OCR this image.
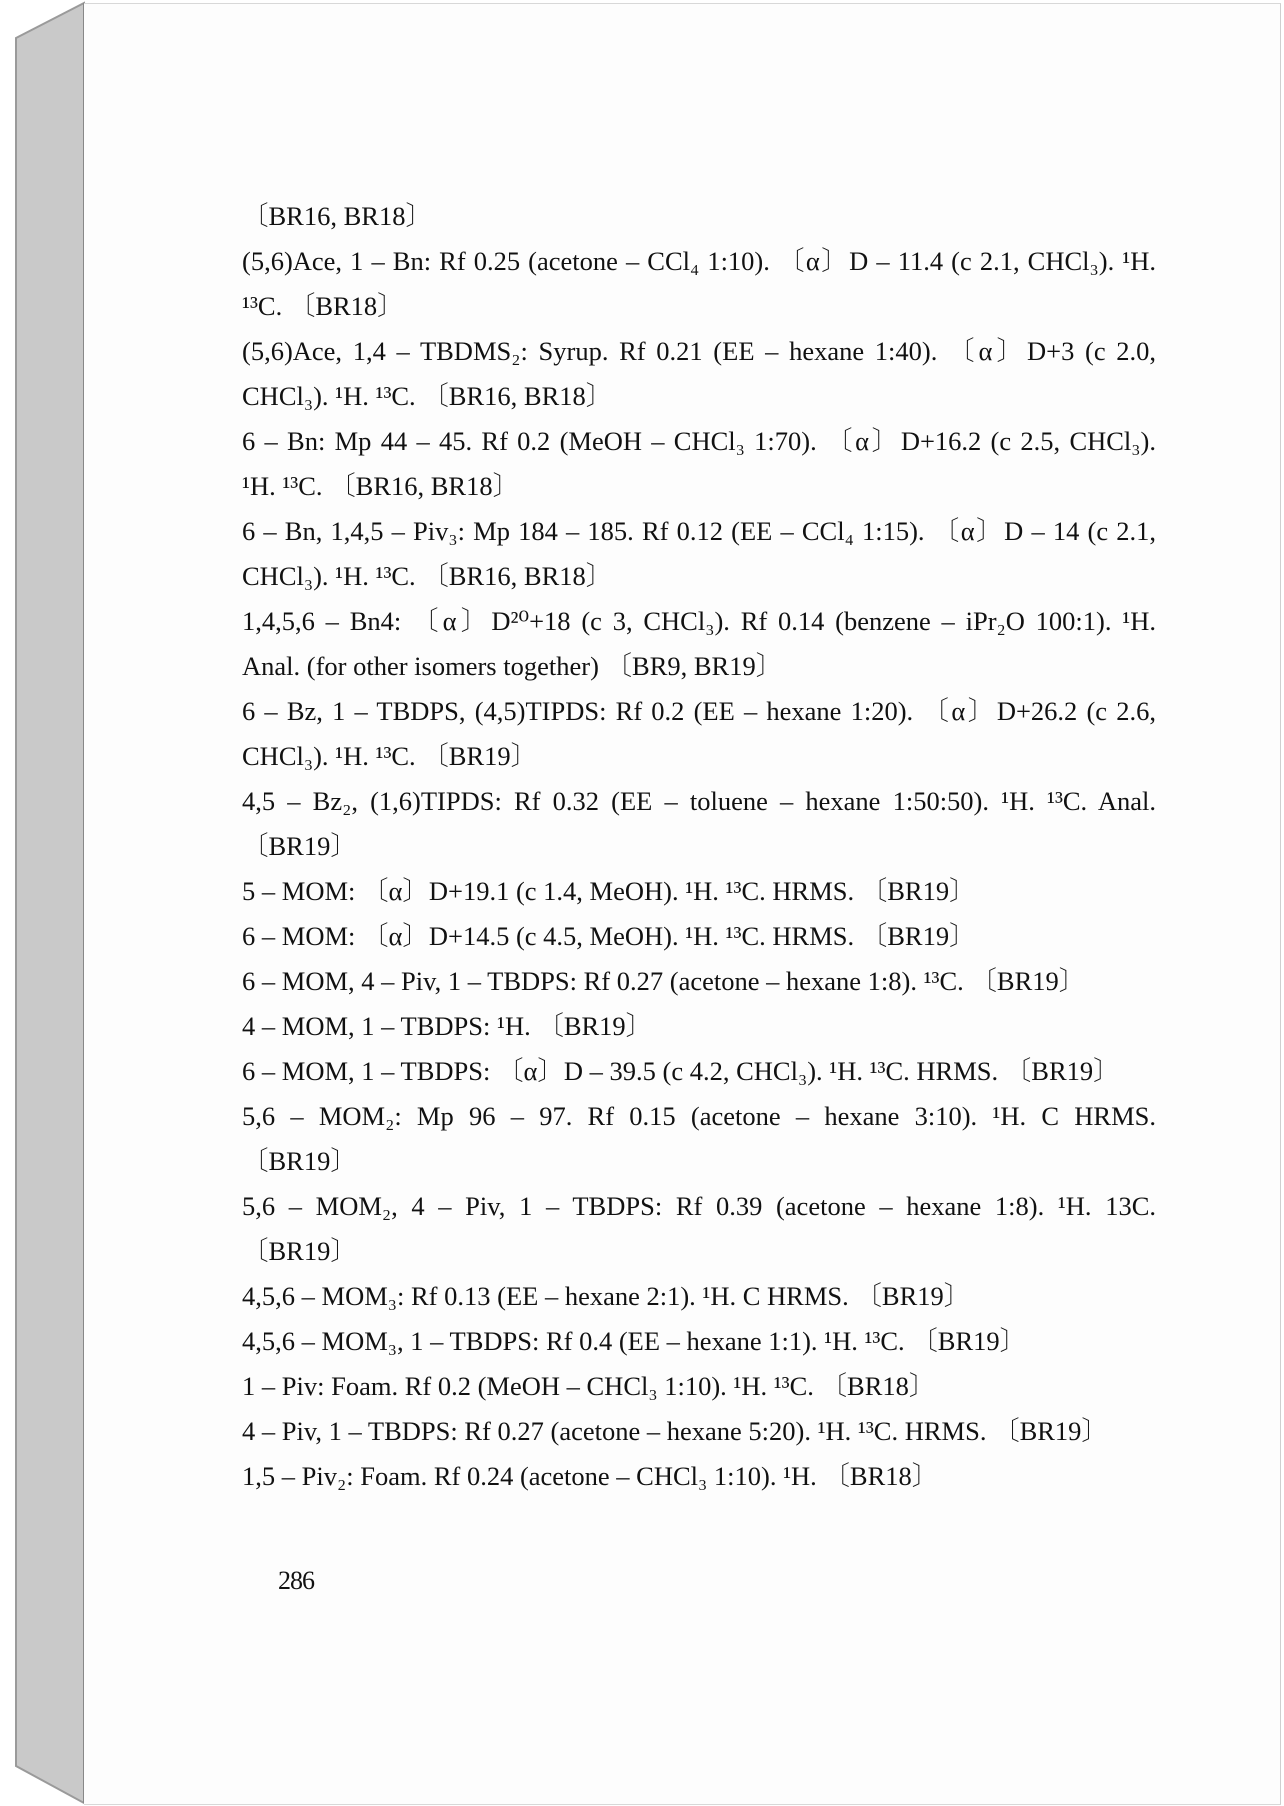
〔BR16, BR18〕
(5,6)Ace, 1 – Bn: Rf 0.25 (acetone – CCl₄ 1:10). 〔α〕D – 11.4 (c 2.1, CHCl₃). ¹H.
¹³C. 〔BR18〕
(5,6)Ace, 1,4 – TBDMS₂: Syrup. Rf 0.21 (EE – hexane 1:40). 〔α〕D+3 (c 2.0,
CHCl₃). ¹H. ¹³C. 〔BR16, BR18〕
6 – Bn: Mp 44 – 45. Rf 0.2 (MeOH – CHCl₃ 1:70). 〔α〕D+16.2 (c 2.5, CHCl₃).
¹H. ¹³C. 〔BR16, BR18〕
6 – Bn, 1,4,5 – Piv₃: Mp 184 – 185. Rf 0.12 (EE – CCl₄ 1:15). 〔α〕D – 14 (c 2.1,
CHCl₃). ¹H. ¹³C. 〔BR16, BR18〕
1,4,5,6 – Bn4: 〔α〕D²⁰+18 (c 3, CHCl₃). Rf 0.14 (benzene – iPr₂O 100:1). ¹H.
Anal. (for other isomers together) 〔BR9, BR19〕
6 – Bz, 1 – TBDPS, (4,5)TIPDS: Rf 0.2 (EE – hexane 1:20). 〔α〕D+26.2 (c 2.6,
CHCl₃). ¹H. ¹³C. 〔BR19〕
4,5 – Bz₂, (1,6)TIPDS: Rf 0.32 (EE – toluene – hexane 1:50:50). ¹H. ¹³C. Anal.
〔BR19〕
5 – MOM: 〔α〕D+19.1 (c 1.4, MeOH). ¹H. ¹³C. HRMS. 〔BR19〕
6 – MOM: 〔α〕D+14.5 (c 4.5, MeOH). ¹H. ¹³C. HRMS. 〔BR19〕
6 – MOM, 4 – Piv, 1 – TBDPS: Rf 0.27 (acetone – hexane 1:8). ¹³C. 〔BR19〕
4 – MOM, 1 – TBDPS: ¹H. 〔BR19〕
6 – MOM, 1 – TBDPS: 〔α〕D – 39.5 (c 4.2, CHCl₃). ¹H. ¹³C. HRMS. 〔BR19〕
5,6 – MOM₂: Mp 96 – 97. Rf 0.15 (acetone – hexane 3:10). ¹H. C HRMS.
〔BR19〕
5,6 – MOM₂, 4 – Piv, 1 – TBDPS: Rf 0.39 (acetone – hexane 1:8). ¹H. 13C.
〔BR19〕
4,5,6 – MOM₃: Rf 0.13 (EE – hexane 2:1). ¹H. C HRMS. 〔BR19〕
4,5,6 – MOM₃, 1 – TBDPS: Rf 0.4 (EE – hexane 1:1). ¹H. ¹³C. 〔BR19〕
1 – Piv: Foam. Rf 0.2 (MeOH – CHCl₃ 1:10). ¹H. ¹³C. 〔BR18〕
4 – Piv, 1 – TBDPS: Rf 0.27 (acetone – hexane 5:20). ¹H. ¹³C. HRMS. 〔BR19〕
1,5 – Piv₂: Foam. Rf 0.24 (acetone – CHCl₃ 1:10). ¹H. 〔BR18〕
286
